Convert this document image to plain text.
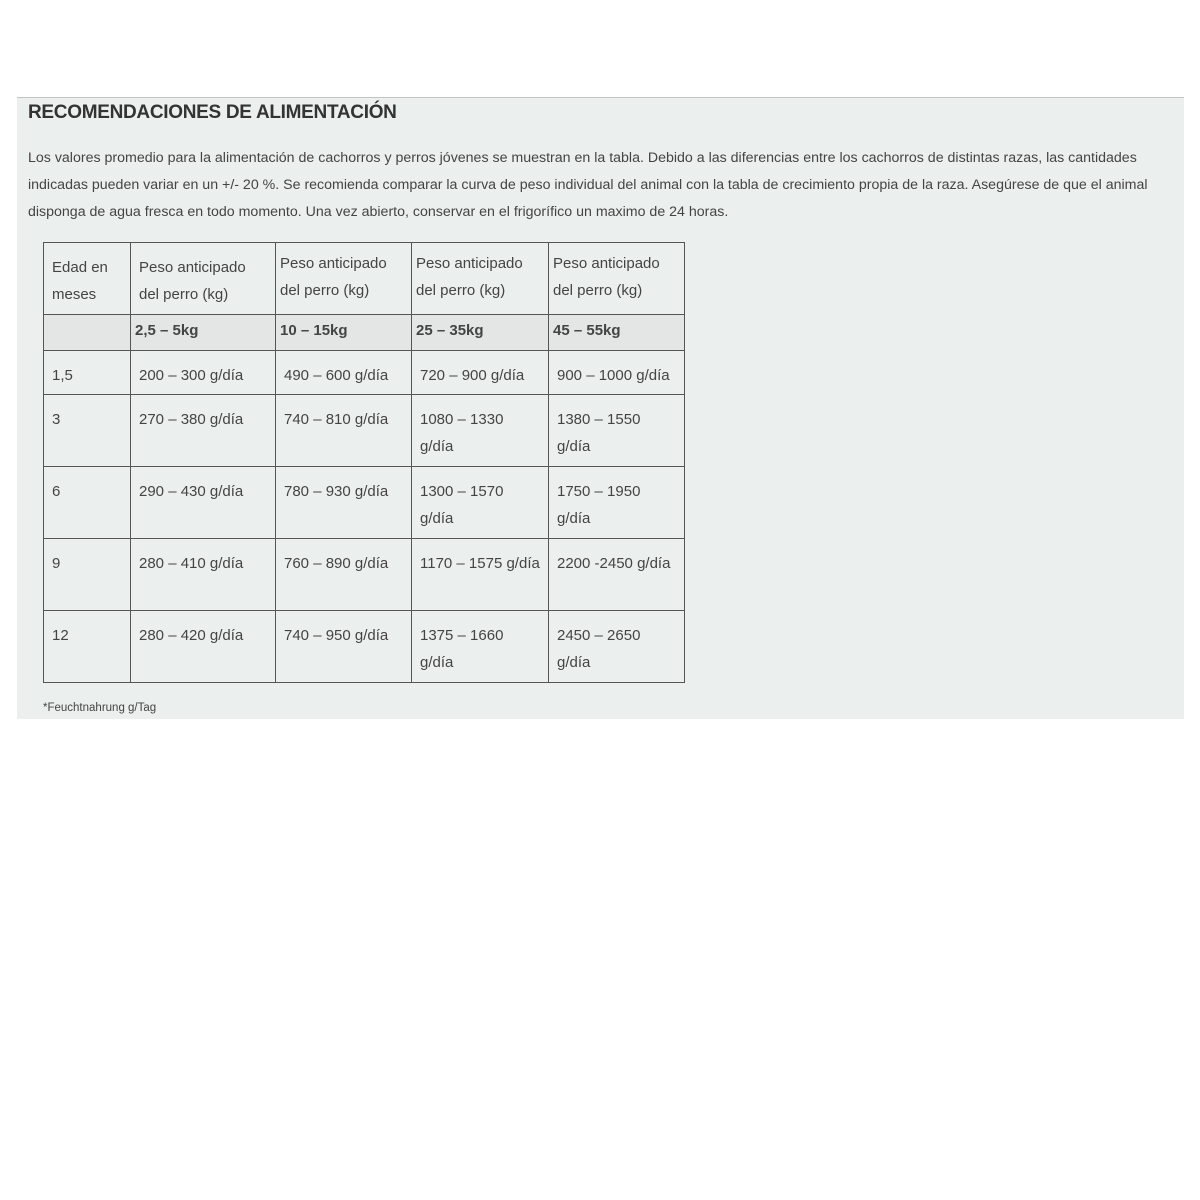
RECOMENDACIONES DE ALIMENTACIÓN

Los valores promedio para la alimentación de cachorros y perros jóvenes se muestran en la tabla. Debido a las diferencias entre los cachorros de distintas razas, las cantidades indicadas pueden variar en un +/- 20 %. Se recomienda comparar la curva de peso individual del animal con la tabla de crecimiento propia de la raza. Asegúrese de que el animal disponga de agua fresca en todo momento. Una vez abierto, conservar en el frigorífico un maximo de 24 horas.

Edad en meses	Peso anticipado del perro (kg)	Peso anticipado del perro (kg)	Peso anticipado del perro (kg)	Peso anticipado del perro (kg)

	2,5 – 5kg	10 – 15kg	25 – 35kg	45 – 55kg

1,5	200 – 300 g/día	490 – 600 g/día	720 – 900 g/día	900 – 1000 g/día

3	270 – 380 g/día	740 – 810 g/día	1080 – 1330 g/día	1380 – 1550 g/día

6	290 – 430 g/día	780 – 930 g/día	1300 – 1570 g/día	1750 – 1950 g/día

9	280 – 410 g/día	760 – 890 g/día	1170 – 1575 g/día	2200 -2450 g/día

12	280 – 420 g/día	740 – 950 g/día	1375 – 1660 g/día	2450 – 2650 g/día

*Feuchtnahrung g/Tag
